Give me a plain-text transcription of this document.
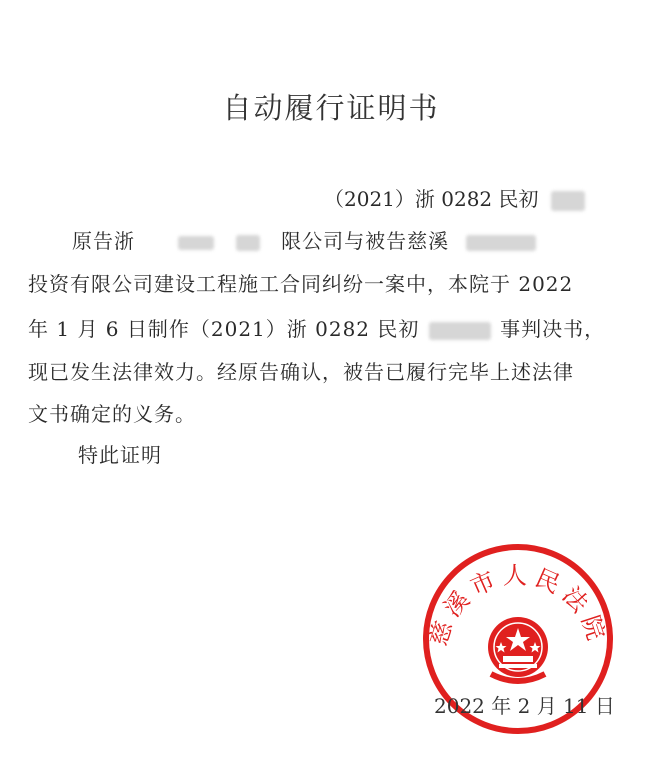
自动履行证明书
（2021）浙 0282 民初
原告浙	限公司与被告慈溪
投资有限公司建设工程施工合同纠纷一案中，本院于 2022
年 1 月 6 日制作（2021）浙 0282 民初	事判决书，
现已发生法律效力。经原告确认，被告已履行完毕上述法律
文书确定的义务。
特此证明
慈溪市人民法院
2022 年 2 月 11 日
